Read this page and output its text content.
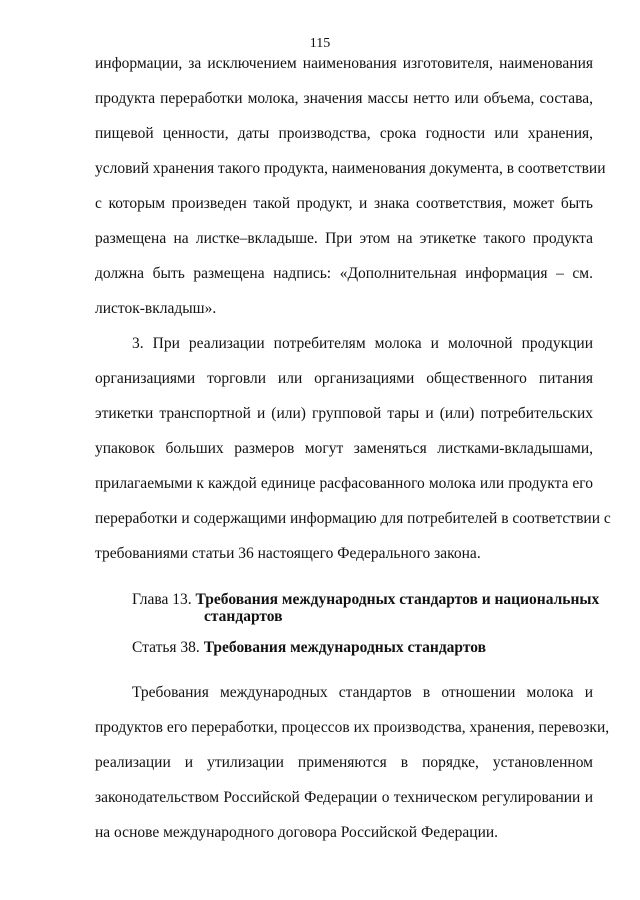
115
информации, за исключением наименования изготовителя, наименования
продукта переработки молока, значения массы нетто или объема, состава,
пищевой ценности, даты производства, срока годности или хранения,
условий хранения такого продукта, наименования документа, в соответствии
с которым произведен такой продукт, и знака соответствия, может быть
размещена на листке–вкладыше. При этом на этикетке такого продукта
должна быть размещена надпись: «Дополнительная информация – см.
листок-вкладыш».
3. При реализации потребителям молока и молочной продукции
организациями торговли или организациями общественного питания
этикетки транспортной и (или) групповой тары и (или) потребительских
упаковок больших размеров могут заменяться листками-вкладышами,
прилагаемыми к каждой единице расфасованного молока или продукта его
переработки и содержащими информацию для потребителей в соответствии с
требованиями статьи 36 настоящего Федерального закона.
Глава 13. Требования международных стандартов и национальных
стандартов
Статья 38. Требования международных стандартов
Требования международных стандартов в отношении молока и
продуктов его переработки, процессов их производства, хранения, перевозки,
реализации и утилизации применяются в порядке, установленном
законодательством Российской Федерации о техническом регулировании и
на основе международного договора Российской Федерации.
